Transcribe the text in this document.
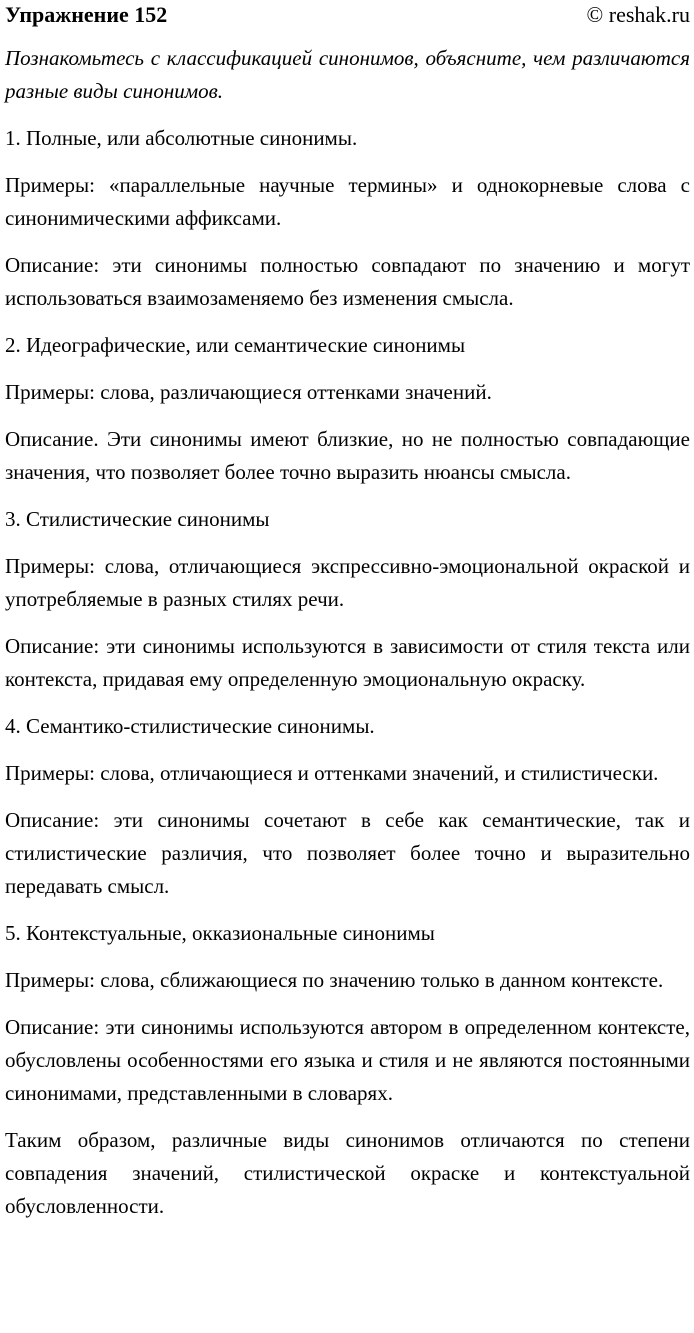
Упражнение 152	© reshak.ru

Познакомьтесь с классификацией синонимов, объясните, чем различаются разные виды синонимов.

1. Полные, или абсолютные синонимы.

Примеры: «параллельные научные термины» и однокорневые слова с синонимическими аффиксами.

Описание: эти синонимы полностью совпадают по значению и могут использоваться взаимозаменяемо без изменения смысла.

2. Идеографические, или семантические синонимы

Примеры: слова, различающиеся оттенками значений.

Описание. Эти синонимы имеют близкие, но не полностью совпадающие значения, что позволяет более точно выразить нюансы смысла.

3. Стилистические синонимы

Примеры: слова, отличающиеся экспрессивно-эмоциональной окраской и употребляемые в разных стилях речи.

Описание: эти синонимы используются в зависимости от стиля текста или контекста, придавая ему определенную эмоциональную окраску.

4. Семантико-стилистические синонимы.

Примеры: слова, отличающиеся и оттенками значений, и стилистически.

Описание: эти синонимы сочетают в себе как семантические, так и стилистические различия, что позволяет более точно и выразительно передавать смысл.

5. Контекстуальные, окказиональные синонимы

Примеры: слова, сближающиеся по значению только в данном контексте.

Описание: эти синонимы используются автором в определенном контексте, обусловлены особенностями его языка и стиля и не являются постоянными синонимами, представленными в словарях.

Таким образом, различные виды синонимов отличаются по степени совпадения значений, стилистической окраске и контекстуальной обусловленности.
